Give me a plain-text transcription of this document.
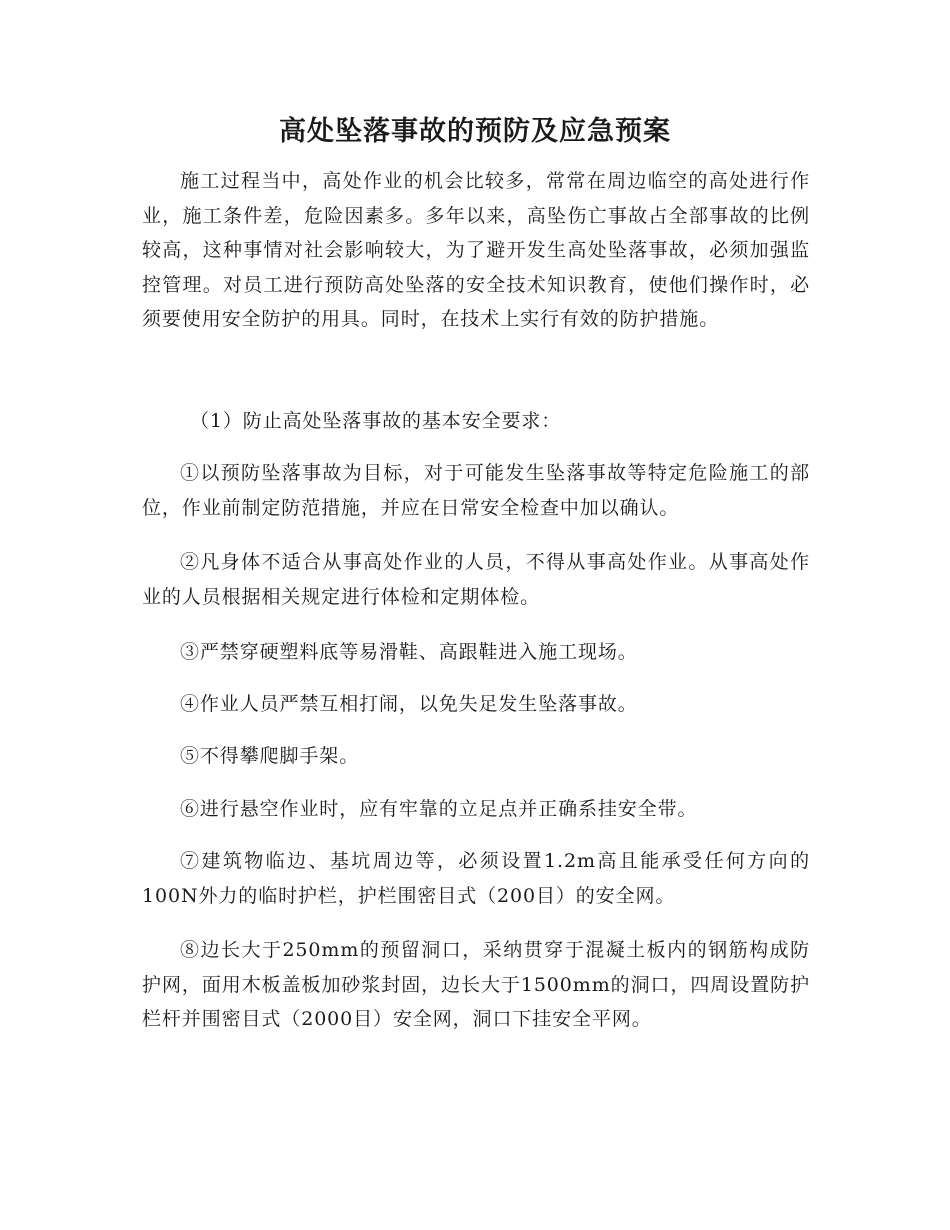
高处坠落事故的预防及应急预案

施工过程当中，高处作业的机会比较多，常常在周边临空的高处进行作业，施工条件差，危险因素多。多年以来，高坠伤亡事故占全部事故的比例较高，这种事情对社会影响较大，为了避开发生高处坠落事故，必须加强监控管理。对员工进行预防高处坠落的安全技术知识教育，使他们操作时，必须要使用安全防护的用具。同时，在技术上实行有效的防护措施。

（1）防止高处坠落事故的基本安全要求：

①以预防坠落事故为目标，对于可能发生坠落事故等特定危险施工的部位，作业前制定防范措施，并应在日常安全检查中加以确认。

②凡身体不适合从事高处作业的人员，不得从事高处作业。从事高处作业的人员根据相关规定进行体检和定期体检。

③严禁穿硬塑料底等易滑鞋、高跟鞋进入施工现场。

④作业人员严禁互相打闹，以免失足发生坠落事故。

⑤不得攀爬脚手架。

⑥进行悬空作业时，应有牢靠的立足点并正确系挂安全带。

⑦建筑物临边、基坑周边等，必须设置1.2m高且能承受任何方向的100N外力的临时护栏，护栏围密目式（200目）的安全网。

⑧边长大于250mm的预留洞口，采纳贯穿于混凝土板内的钢筋构成防护网，面用木板盖板加砂浆封固，边长大于1500mm的洞口，四周设置防护栏杆并围密目式（2000目）安全网，洞口下挂安全平网。
